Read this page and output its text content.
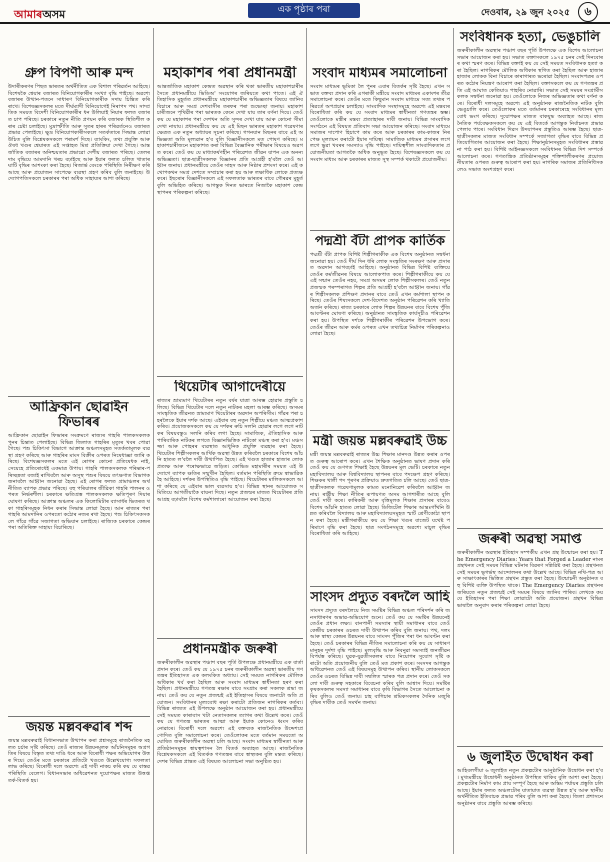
আমাৰঅসম	এক পৃষ্ঠাৰ পৰা	দেওবাৰ, ২৯ জুন ২০২৫	৬
গ্ৰুপ বিপণী আৰু মন্দ

উদাৰীকৰণৰ পিছত ভাৰতৰ অৰ্থনীতিত এক বিশাল পৰিৱৰ্তন আহিছে। বিশেষকৈ শ্বেয়াৰ বজাৰত বিনিয়োগকাৰীৰ সংখ্যা বৃদ্ধি পাইছে। অৱশ্যে বজাৰৰ উত্থান-পতনে সাধাৰণ বিনিয়োগকাৰীক সদায় চিন্তিত কৰি ৰাখে। বিশেষজ্ঞসকলৰ মতে দীৰ্ঘম্যাদী বিনিয়োগেই নিৰাপদ পথ। সাম্প্ৰতিক সময়ত বিদেশী বিনিয়োগকাৰীৰ ধন উলিয়াই নিয়াৰ ফলত বজাৰত চাপ পৰিছে। চৰকাৰে নতুন নীতি প্ৰণয়ন কৰি বজাৰক স্থিতিশীল কৰাৰ চেষ্টা চলাইছে। মুদ্ৰাস্ফীতি আৰু সুতৰ হাৰৰ পৰিৱৰ্তনেও বজাৰত প্ৰভাৱ পেলাইছে। ক্ষুদ্ৰ বিনিয়োগকাৰীসকলে সতৰ্কতাৰে সিদ্ধান্ত লোৱা উচিত বুলি বিশ্লেষকসকলে পৰামৰ্শ দিছে। ব্যাংকিং, তথ্য প্ৰযুক্তি আৰু ঔষধ খণ্ডৰ শ্বেয়াৰত এই সপ্তাহত মিশ্ৰ প্ৰতিক্ৰিয়া দেখা গৈছে। আন্তৰ্জাতিক বজাৰৰ অনিশ্চয়তাৰ প্ৰভাৱো দেশীয় বজাৰত পৰিছে। তেলৰ দাম বৃদ্ধিয়ে আমদানি খৰচ বঢ়াইছে আৰু ইয়াৰ ফলত চলিত খাতাৰ ঘাটি বৃদ্ধিৰ আশংকা কৰা হৈছে। ৰিজাৰ্ভ বেংকে পৰিস্থিতি নিৰীক্ষণ কৰি আছে আৰু প্ৰয়োজন সাপেক্ষে ব্যৱস্থা গ্ৰহণ কৰিব বুলি জনাইছে। উদ্যোগপতিসকলে চৰকাৰৰ পৰা অধিক সাহায্যৰ আশা কৰিছে।

আফ্ৰিকান ছোৱাইন ফিভাৰৰ

আফ্ৰিকান ছোৱাইন ফিভাৰৰ সংক্ৰমণে ৰাজ্যৰ গাহৰি পালকসকলক পুনৰ চিন্তাত পেলাইছে। বিভিন্ন জিলাত গাহৰিৰ মৃত্যুৰ খবৰ পোৱা গৈছে। পশু চিকিৎসা বিভাগে আক্ৰান্ত অঞ্চলসমূহত সতৰ্কতামূলক ব্যৱস্থা গ্ৰহণ কৰিছে আৰু গাহৰিৰ মাংস বিক্ৰীৰ ওপৰত নিষেধাজ্ঞা জাৰি কৰিছে। বিশেষজ্ঞসকলৰ মতে এই ৰোগৰ কোনো প্ৰতিষেধক নাই, সেয়েহে প্ৰতিৰোধেই একমাত্ৰ উপায়। গাহৰি পালকসকলক পৰিষ্কাৰ-পৰিচ্ছন্নতা বজাই ৰাখিবলৈ আৰু অসুস্থ পশুৰ বিষয়ে তৎক্ষণাত বিভাগক জনাবলৈ আহ্বান জনোৱা হৈছে। এই ৰোগৰ ফলত গ্ৰামাঞ্চলৰ অৰ্থনীতিত ব্যাপক প্ৰভাৱ পৰিছে। বহু পৰিয়ালৰ জীৱিকা গাহৰি পালনৰ ওপৰত নিৰ্ভৰশীল। চৰকাৰে ক্ষতিগ্ৰস্ত পালকসকলক ক্ষতিপূৰণ দিয়াৰ ঘোষণা কৰিছে। আক্ৰান্ত অঞ্চলৰ এক কিলোমিটাৰ ব্যাসাৰ্ধৰ ভিতৰত থকা গাহৰিসমূহক নিধন কৰাৰ সিদ্ধান্ত লোৱা হৈছে। আন ৰাজ্যৰ পৰা গাহৰি আমদানিৰ ওপৰতো কঠোৰ নজৰ ৰখা হৈছে। পশু চিকিৎসকসকলে গাঁৱে গাঁৱে সজাগতা অভিযান চলাইছে। ৰাজ্যিক চৰকাৰে কেন্দ্ৰৰ পৰা অতিৰিক্ত সাহায্য বিচাৰিছে।

জয়ন্ত মল্লবৰুৱাৰ শব্দ

জয়ন্ত মল্লবৰুৱাই বিধানসভাত উত্থাপন কৰা প্ৰশ্নসমূহে ৰাজনৈতিক মহলত চৰ্চাৰ সৃষ্টি কৰিছে। তেওঁ ৰাজ্যৰ উন্নয়নমূলক আঁচনিসমূহৰ অগ্ৰগতিৰ বিষয়ে বিস্তৃত তথ্য দাঙি ধৰে আৰু বিৰোধী পক্ষৰ অভিযোগৰ উত্তৰ দিয়ে। তেওঁৰ মতে চৰকাৰে প্ৰতিটো খণ্ডতে উল্লেখযোগ্য সফলতা লাভ কৰিছে। বিৰোধী দলে অৱশ্যে এই দাবী নাকচ কৰি কয় যে বাস্তৱ পৰিস্থিতি বেলেগ। বিধানসভাৰ অধিৱেশনত দুয়োপক্ষৰ মাজত উত্তপ্ত তৰ্ক-বিতৰ্ক হয়।

মহাকাশৰ পৰা প্ৰধানমন্ত্ৰী

আন্তৰ্জাতিক মহাকাশ কেন্দ্ৰত অৱস্থান কৰি থকা ভাৰতীয় মহাকাশচাৰীৰ সৈতে প্ৰধানমন্ত্ৰীয়ে ভিডিঅ' সংযোগৰ জৰিয়তে কথা পাতে। এই ঐতিহাসিক মুহূৰ্তত প্ৰধানমন্ত্ৰীয়ে মহাকাশচাৰীৰ অভিজ্ঞতাৰ বিষয়ে জানিব বিচাৰে আৰু সমগ্ৰ দেশবাসীৰ তৰফৰ পৰা শুভেচ্ছা জনায়। মহাকাশচাৰীজনে পৃথিৱীৰ পৰা ভাৰতক কেনে দেখা যায় তাৰ বৰ্ণনা দিয়ে। তেওঁ কয় যে মহাকাশৰ পৰা দেশখন অতি সুন্দৰ দেখা যায় আৰু কোনো সীমা দেখা নাযায়। প্ৰধানমন্ত্ৰীয়ে কয় যে এই মিছন ভাৰতৰ মহাকাশ গৱেষণাৰ ক্ষেত্ৰত এক নতুন অধ্যায়ৰ সূচনা কৰিছে। গগনযান মিছনৰ বাবে এই অভিজ্ঞতা অতি মূল্যৱান হ'ব বুলি বিজ্ঞানীসকলে মত পোষণ কৰিছে। মহাকাশচাৰীজনে মহাকাশত কৰা বিভিন্ন বৈজ্ঞানিক পৰীক্ষাৰ বিষয়েও অৱগত কৰে। তেওঁ কয় যে মাধ্যাকৰ্ষণহীন পৰিৱেশত জীৱন যাপন এক অনন্য অভিজ্ঞতা। ছাত্ৰ-ছাত্ৰীসকলক বিজ্ঞানৰ প্ৰতি আগ্ৰহী হ'বলৈ তেওঁ আহ্বান জনায়। প্ৰধানমন্ত্ৰীয়ে তেওঁৰ সাহস আৰু নিষ্ঠাৰ প্ৰশংসা কৰে। এই কথোপকথন সমগ্ৰ দেশতে সম্প্ৰচাৰ কৰা হয় আৰু লক্ষাধিক লোকে প্ৰত্যক্ষ কৰে। ইছৰোৰ বিজ্ঞানীসকলে এই সফলতাক ভাৰতৰ বাবে গৌৰৱৰ মুহূৰ্ত বুলি অভিহিত কৰিছে। আগন্তুক দিনত ভাৰতে নিজাকৈ মহাকাশ কেন্দ্ৰ স্থাপনৰ পৰিকল্পনা কৰিছে।

থিয়েটাৰ আগাদেৰীয়ে

ৰাজ্যৰ ভ্ৰাম্যমাণ থিয়েটাৰৰ নতুন বৰ্ষৰ যাত্ৰা আৰম্ভ হোৱাৰ প্ৰস্তুতি চলিছে। বিভিন্ন থিয়েটাৰ দলে নতুন নাটকৰ মহলা আৰম্ভ কৰিছে। অসমৰ সাংস্কৃতিক জীৱনত ভ্ৰাম্যমাণ থিয়েটাৰৰ অৱদান অপৰিসীম। গাঁৱৰ পৰা চহৰলৈকে ইয়াৰ দৰ্শক আছে। এইবাৰ বহু নতুন শিল্পীয়ে মঞ্চত আত্মপ্ৰকাশ কৰিব। প্ৰযোজকসকলে কয় যে দৰ্শকৰ ৰুচি সলনি হোৱাৰ লগে লগে নাটকৰ বিষয়বস্তুও সলনি কৰিব লগা হৈছে। সামাজিক, ঐতিহাসিক আৰু পাৰিবাৰিক নাটকৰ লগতে বিজ্ঞানভিত্তিক নাটকো মঞ্চস্থ কৰা হ'ব। মঞ্চসজ্জা আৰু পোহৰৰ ব্যৱস্থাত আধুনিক প্ৰযুক্তি ব্যৱহাৰ কৰা হৈছে। থিয়েটাৰ শিল্পীসকলৰ আৰ্থিক অৱস্থা উন্নত কৰিবলৈ চৰকাৰে বিশেষ আঁচনি হাতত ল'বলৈ দাবী উত্থাপিত হৈছে। এই খণ্ডত হাজাৰ হাজাৰ লোক প্ৰত্যক্ষ আৰু পৰোক্ষভাৱে জড়িত। কোভিড মহামাৰীৰ সময়ত এই উদ্যোগে ব্যাপক ক্ষতিৰ সন্মুখীন হৈছিল। বৰ্তমান পৰিস্থিতি ক্ৰমে স্বাভাৱিক হৈ আহিছে। দৰ্শকৰ উপস্থিতিও বৃদ্ধি পাইছে। থিয়েটাৰৰ মালিকসকলে আশা কৰিছে যে এইবাৰ ভাল ব্যৱসায় হ'ব। বিভিন্ন স্থানৰ আয়োজক সমিতিয়ে আগতীয়াকৈ বায়না দিছে। নতুন প্ৰজন্মৰ মাজত থিয়েটাৰৰ প্ৰতি আগ্ৰহ বঢ়াবলৈ বিশেষ কৰ্মশালাৰো আয়োজন কৰা হৈছে।

প্ৰধানমন্ত্ৰীক জৰুৰী

জৰুৰীকালীন অৱস্থাৰ পঞ্চাশ বছৰ পূৰ্তি উপলক্ষে প্ৰধানমন্ত্ৰীয়ে এক বাৰ্তা প্ৰদান কৰে। তেওঁ কয় যে ১৯৭৫ চনৰ জৰুৰীকালীন অৱস্থা ভাৰতীয় গণতন্ত্ৰৰ ইতিহাসত এক কলংকিত অধ্যায়। সেই সময়ত নাগৰিকৰ মৌলিক অধিকাৰ খৰ্ব কৰা হৈছিল আৰু সংবাদ মাধ্যমৰ স্বাধীনতা হৰণ কৰা হৈছিল। প্ৰধানমন্ত্ৰীয়ে গণতন্ত্ৰ ৰক্ষাৰ বাবে সংগ্ৰাম কৰা সকলক শ্ৰদ্ধা জনায়। তেওঁ কয় যে নতুন প্ৰজন্মই এই ইতিহাসৰ বিষয়ে জনাটো অতি প্ৰয়োজন। সংবিধানৰ মূল্যবোধ ৰক্ষা কৰাটো প্ৰতিজন নাগৰিকৰ কৰ্তব্য। বিভিন্ন ৰাজ্যত এই উপলক্ষে অনুষ্ঠান আয়োজন কৰা হয়। প্ৰধানমন্ত্ৰীয়ে সেই সময়ত কাৰাবাস খটা নেতাসকলৰ ত্যাগৰ কথা উল্লেখ কৰে। তেওঁ কয় যে গণতন্ত্ৰ ভাৰতৰ আত্মা আৰু ইয়াক কোনেও ধ্বংস কৰিব নোৱাৰে। বিৰোধী দলে অৱশ্যে এই বক্তব্যক ৰাজনৈতিক উদ্দেশ্যপ্ৰণোদিত বুলি সমালোচনা কৰে। তেওঁলোকৰ মতে বৰ্তমান সময়তো অঘোষিত জৰুৰীকালীন অৱস্থা চলি আছে। সংবাদ মাধ্যমৰ স্বাধীনতা আৰু প্ৰতিষ্ঠানসমূহৰ স্বায়ত্বশাসন লৈ বিতৰ্ক অব্যাহত আছে। ৰাজনৈতিক বিশ্লেষকসকলে এই বিতৰ্কক গণতন্ত্ৰৰ বাবে স্বাস্থ্যকৰ বুলি মন্তব্য কৰিছে। দেশৰ বিভিন্ন প্ৰান্তত এই বিষয়ত আলোচনা সভা অনুষ্ঠিত হয়।

সংবাদ মাধ্যমৰ সমালোচনা

সংবাদ মাধ্যমৰ ভূমিকা লৈ পুনৰ এবাৰ বিতৰ্কৰ সৃষ্টি হৈছে। এখন সভাত বক্তব্য প্ৰদান কৰি এগৰাকী মন্ত্ৰীয়ে সংবাদ মাধ্যমৰ একাংশৰ তীব্ৰ সমালোচনা কৰে। তেওঁৰ মতে কিছুমান সংবাদ মাধ্যমে সত্য তথ্যৰ পৰিৱৰ্তে অপপ্ৰচাৰ চলাইছে। সাংবাদিক সংস্থাসমূহে অৱশ্যে এই মন্তব্যৰ বিৰোধিতা কৰি কয় যে সংবাদ মাধ্যমৰ স্বাধীনতা গণতন্ত্ৰৰ স্তম্ভ। তেওঁলোকে মন্ত্ৰীৰ মন্তব্য প্ৰত্যাহাৰৰ দাবী জনায়। বিভিন্ন সাংবাদিক সংগঠনে এই বিষয়ত প্ৰতিবাদ সভা আয়োজন কৰিছে। সংবাদ মাধ্যমে সমাজৰ দাপোণ হিচাপে কাম কৰে আৰু চৰকাৰৰ কাম-কাজৰ নিৰপেক্ষ মূল্যায়ন কৰাটো ইয়াৰ দায়িত্ব। সামাজিক মাধ্যমৰ প্ৰসাৰৰ লগে লগে ভুৱা খবৰৰ সমস্যাও বৃদ্ধি পাইছে। দায়িত্বশীল সাংবাদিকতাৰ প্ৰয়োজনীয়তা আগতকৈ অধিক অনুভূত হৈছে। বিশেষজ্ঞসকলে কয় যে সংবাদ মাধ্যম আৰু চৰকাৰৰ মাজত সুস্থ সম্পৰ্ক থকাটো প্ৰয়োজনীয়।

পদ্মশ্ৰী বঁটা প্ৰাপক কাৰ্তিক

পদ্মশ্ৰী বঁটা প্ৰাপক বিশিষ্ট শিল্পীগৰাকীক এক বিশেষ অনুষ্ঠানত সম্বৰ্ধনা জনোৱা হয়। তেওঁ দীৰ্ঘ দিন ধৰি লোক সংস্কৃতিৰ সংৰক্ষণ আৰু প্ৰসাৰত অৱদান আগবঢ়াই আহিছে। অনুষ্ঠানত বিভিন্ন বিশিষ্ট ব্যক্তিয়ে তেওঁৰ কৰ্মজীৱনৰ বিষয়ে আলোকপাত কৰে। শিল্পীগৰাকীয়ে কয় যে এই সন্মান তেওঁৰ নহয়, সমগ্ৰ অসমৰ লোক শিল্পীসকলৰ। তেওঁ নতুন প্ৰজন্মক পৰম্পৰাগত শিল্পৰ প্ৰতি আগ্ৰহী হ'বলৈ আহ্বান জনায়। গাঁৱৰ শিল্পীসকলক প্ৰশিক্ষণ প্ৰদানৰ বাবে তেওঁ এখন কৰ্মশালা স্থাপন কৰিছে। তেওঁৰ শিষ্যসকলে দেশ-বিদেশত অনুষ্ঠান পৰিৱেশন কৰি খ্যাতি অৰ্জন কৰিছে। ৰাজ্য চৰকাৰে লোক শিল্পৰ উন্নয়নৰ বাবে বিশেষ পুঁজি আবণ্টনৰ ঘোষণা কৰিছে। অনুষ্ঠানত সাংস্কৃতিক কাৰ্যসূচীও পৰিৱেশন কৰা হয়। উপস্থিত দৰ্শকে শিল্পীগৰাকীৰ পৰিৱেশন উপভোগ কৰে। তেওঁৰ জীৱন আৰু কৰ্মৰ ওপৰত এখন তথ্যচিত্ৰ নিৰ্মাণৰ পৰিকল্পনাও লোৱা হৈছে।

মন্ত্ৰী জয়ন্ত মল্লবৰুৱাই উচ্চ

মন্ত্ৰী জয়ন্ত মল্লবৰুৱাই ৰাজ্যৰ উচ্চ শিক্ষাৰ মানদণ্ড উন্নত কৰাৰ ওপৰত গুৰুত্ব আৰোপ কৰে। এখন শৈক্ষিক অনুষ্ঠানত ভাষণ প্ৰদান কৰি তেওঁ কয় যে গুণগত শিক্ষাই হৈছে উন্নয়নৰ মূল ভেটি। চৰকাৰে নতুন মহাবিদ্যালয় আৰু বিশ্ববিদ্যালয় স্থাপনৰ বাবে পদক্ষেপ গ্ৰহণ কৰিছে। শিক্ষকৰ খালী পদ পূৰণৰ প্ৰক্ৰিয়াও দ্ৰুতগতিত চলি আছে। তেওঁ ছাত্ৰ-ছাত্ৰীসকলক গৱেষণামূলক কামত মনোনিৱেশ কৰিবলৈ আহ্বান জনায়। ৰাষ্ট্ৰীয় শিক্ষা নীতিৰ ৰূপায়ণত অসম আগশাৰীত আছে বুলি তেওঁ দাবী কৰে। কাৰিকৰী আৰু বৃত্তিমূলক শিক্ষাৰ প্ৰসাৰৰ বাবেও বিশেষ আঁচনি হাতত লোৱা হৈছে। ডিজিটেল শিক্ষাৰ আন্তঃগাঁথনি উন্নত কৰিবলৈ বিদ্যালয় আৰু মহাবিদ্যালয়সমূহত স্মাৰ্ট শ্ৰেণীকোঠা স্থাপন কৰা হৈছে। মন্ত্ৰীগৰাকীয়ে কয় যে শিক্ষা খণ্ডৰ বাজেট যথেষ্ট পৰিমাণে বৃদ্ধি কৰা হৈছে। ছাত্ৰ সংগঠনসমূহে অৱশ্যে মাচুল বৃদ্ধিৰ বিৰোধিতা কৰি আহিছে।

সাংসদ প্ৰদ্যুত বৰদলৈ আহি

সাংসদ প্ৰদ্যুত বৰদলৈয়ে নিজ সমষ্টিৰ বিভিন্ন অঞ্চল পৰিদৰ্শন কৰি জনসাধাৰণৰ অভাৱ-অভিযোগ শুনে। তেওঁ কয় যে সমষ্টিৰ উন্নয়নেই তেওঁৰ প্ৰধান লক্ষ্য। বানপানী সমস্যাৰ স্থায়ী সমাধানৰ বাবে তেওঁ কেন্দ্ৰীয় চৰকাৰৰ ওচৰত দাবী উত্থাপন কৰিব বুলি জনায়। পথ, দলং আৰু স্বাস্থ্য কেন্দ্ৰৰ উন্নয়নৰ বাবে সাংসদ পুঁজিৰ পৰা ধন আবণ্টন কৰা হৈছে। তেওঁ চৰকাৰৰ বিভিন্ন নীতিৰ সমালোচনা কৰি কয় যে সাধাৰণ মানুহৰ দুৰ্দশা বৃদ্ধি পাইছে। মূল্যবৃদ্ধি আৰু নিবনুৱা সমস্যাই জনজীৱন বিপৰ্যস্ত কৰিছে। যুৱক-যুৱতীসকলৰ বাবে নিয়োগৰ সুযোগ সৃষ্টি কৰাটো অতি প্ৰয়োজনীয় বুলি তেওঁ মত প্ৰকাশ কৰে। সংসদৰ আগন্তুক অধিৱেশনত তেওঁ এই বিষয়সমূহ উত্থাপন কৰিব। স্থানীয় লোকসকলে তেওঁৰ ওচৰত বিভিন্ন দাবী সম্বলিত স্মাৰক পত্ৰ প্ৰদান কৰে। তেওঁ সকলো দাবী গুৰুত্ব সহকাৰে বিবেচনা কৰিব বুলি আশ্বাস দিয়ে। সমষ্টিৰ কৃষকসকলৰ সমস্যা সমাধানৰ বাবে কৃষি বিভাগৰ সৈতে আলোচনা কৰিব বুলিও তেওঁ জনায়। চাহ বাগিচাৰ শ্ৰমিকসকলৰ দৈনিক মজুৰি বৃদ্ধিৰ দাবীক তেওঁ সমৰ্থন জনায়।

সংবিধানক হত্যা, ভেঙুচালি

জৰুৰীকালীন অৱস্থাৰ পঞ্চাশ বছৰ পূৰ্তি উপলক্ষে এক বিশেষ আলোচনা সভাৰ আয়োজন কৰা হয়। সভাত বক্তাসকলে ১৯৭৫ চনৰ সেই দিনবোৰৰ কথা স্মৰণ কৰে। বিভিন্ন বক্তাই কয় যে সেই সময়ত সংবিধানক হত্যা কৰা হৈছিল। নাগৰিকৰ মৌলিক অধিকাৰ স্থগিত কৰা হৈছিল আৰু হাজাৰ হাজাৰ লোকক বিনা বিচাৰে কাৰাগাৰত ভৰোৱা হৈছিল। সংবাদপত্ৰৰ ওপৰত কঠোৰ নিয়ন্ত্ৰণ আৰোপ কৰা হৈছিল। বক্তাসকলে কয় যে গণতন্ত্ৰৰ প্ৰতি এই আঘাত কেতিয়াও পাহৰিব নোৱাৰি। সভাত সেই সময়ৰ সংগ্ৰামীসকলক সম্বৰ্ধনা জনোৱা হয়। তেওঁলোকে নিজৰ অভিজ্ঞতাৰ কথা বৰ্ণনা কৰে। বিৰোধী দলসমূহে অৱশ্যে এই অনুষ্ঠানক ৰাজনৈতিক নাটক বুলি ভেঙুচালি কৰে। তেওঁলোকৰ মতে বৰ্তমানৰ চৰকাৰেহে সংবিধানৰ মূল্যবোধ ভংগ কৰিছে। দুয়োপক্ষৰ মাজত বাকযুদ্ধ অব্যাহত আছে। ৰাজনৈতিক পৰ্যবেক্ষকসকলে কয় যে এই বিতৰ্কে আগন্তুক নিৰ্বাচনত প্ৰভাৱ পেলাব পাৰে। সংবিধান দিৱস উদযাপনৰ প্ৰস্তুতিও আৰম্ভ হৈছে। ছাত্ৰ-ছাত্ৰীসকলৰ মাজত সংবিধান সম্পৰ্কে সজাগতা বৃদ্ধিৰ বাবে বিভিন্ন প্ৰতিযোগিতাৰ আয়োজন কৰা হৈছে। শিক্ষানুষ্ঠানসমূহত সংবিধানৰ প্ৰস্তাৱনা পাঠ কৰা হয়। বিশিষ্ট আইনজ্ঞসকলে সংবিধানৰ বিভিন্ন দিশ সম্পৰ্কে আলোচনা কৰে। গণতান্ত্ৰিক প্ৰতিষ্ঠানসমূহৰ শক্তিশালীকৰণৰ প্ৰয়োজনীয়তাৰ ওপৰত গুৰুত্ব আৰোপ কৰা হয়। নাগৰিক সমাজৰ প্ৰতিনিধিসকলেও সভাত অংশগ্ৰহণ কৰে।

জৰুৰী অৱস্থা সমাপ্ত

জৰুৰীকালীন অৱস্থাৰ ইতিহাস সম্পৰ্কীয় এখন গ্ৰন্থ উন্মোচন কৰা হয়। The Emergency Diaries: Years that Forged a Leader নামৰ গ্ৰন্থখনত সেই সময়ৰ বিভিন্ন ঘটনাৰ বিৱৰণ সন্নিৱিষ্ট কৰা হৈছে। গ্ৰন্থখনত সেই সময়ৰ ভূগৰ্ভস্থ আন্দোলনৰ কথা উল্লেখ আছে। বিভিন্ন নথি-পত্ৰ আৰু সাক্ষাৎকাৰৰ ভিত্তিত গ্ৰন্থখন প্ৰস্তুত কৰা হৈছে। উন্মোচনী অনুষ্ঠানত বহু বিশিষ্ট ব্যক্তি উপস্থিত থাকে। The Emergency Diaries গ্ৰন্থখনৰ জৰিয়তে নতুন প্ৰজন্মই সেই সময়ৰ বিষয়ে জানিব পাৰিব। লেখকে কয় যে ইতিহাসৰ পৰা শিক্ষা লোৱাটো অতি প্ৰয়োজন। গ্ৰন্থখন বিভিন্ন ভাষালৈ অনুবাদ কৰাৰ পৰিকল্পনা লোৱা হৈছে।

৬ জুলাইত উদ্বোধন কৰা

আহিবলগীয়া ৬ জুলাইত নতুন প্ৰকল্পটোৰ আনুষ্ঠানিক উদ্বোধন কৰা হ'ব। মুখ্যমন্ত্ৰীয়ে উদ্বোধনী অনুষ্ঠানত উপস্থিত থাকিব বুলি আশা কৰা হৈছে। প্ৰকল্পটোৰ নিৰ্মাণ কাম প্ৰায় সম্পূৰ্ণ হৈছে আৰু অন্তিম পৰ্যায়ৰ প্ৰস্তুতি চলি আছে। ইয়াৰ ফলত অঞ্চলটোৰ যাতায়াত ব্যৱস্থা উন্নত হ'ব আৰু স্থানীয় অৰ্থনীতিত ইতিবাচক প্ৰভাৱ পৰিব বুলি আশা কৰা হৈছে। জিলা প্ৰশাসনে অনুষ্ঠানৰ বাবে প্ৰস্তুতি আৰম্ভ কৰিছে।
